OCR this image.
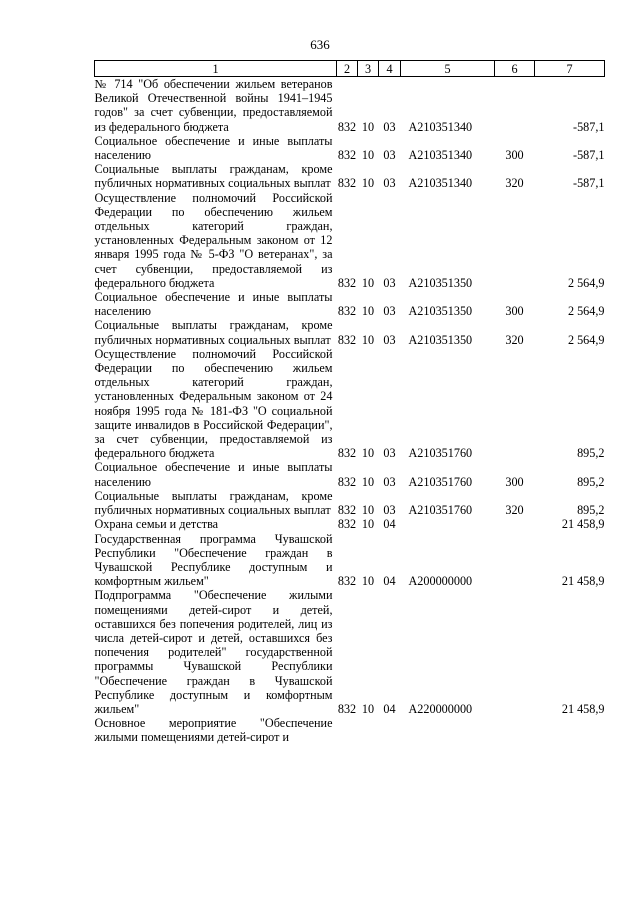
636
1	2	3	4	5	6	7
№ 714 "Об обеспечении жильем ветеранов Великой Отечественной войны 1941–1945 годов" за счет субвенции, предоставляемой из федерального бюджета	832	10	03	А210351340		-587,1
Социальное обеспечение и иные выплаты населению	832	10	03	А210351340	300	-587,1
Социальные выплаты гражданам, кроме публичных нормативных социальных выплат	832	10	03	А210351340	320	-587,1
Осуществление полномочий Российской Федерации по обеспечению жильем отдельных категорий граждан, установленных Федеральным законом от 12 января 1995 года № 5-ФЗ "О ветеранах", за счет субвенции, предоставляемой из федерального бюджета	832	10	03	А210351350		2 564,9
Социальное обеспечение и иные выплаты населению	832	10	03	А210351350	300	2 564,9
Социальные выплаты гражданам, кроме публичных нормативных социальных выплат	832	10	03	А210351350	320	2 564,9
Осуществление полномочий Российской Федерации по обеспечению жильем отдельных категорий граждан, установленных Федеральным законом от 24 ноября 1995 года № 181-ФЗ "О социальной защите инвалидов в Российской Федерации", за счет субвенции, предоставляемой из федерального бюджета	832	10	03	А210351760		895,2
Социальное обеспечение и иные выплаты населению	832	10	03	А210351760	300	895,2
Социальные выплаты гражданам, кроме публичных нормативных социальных выплат	832	10	03	А210351760	320	895,2
Охрана семьи и детства	832	10	04			21 458,9
Государственная программа Чувашской Республики "Обеспечение граждан в Чувашской Республике доступным и комфортным жильем"	832	10	04	А200000000		21 458,9
Подпрограмма "Обеспечение жилыми помещениями детей-сирот и детей, оставшихся без попечения родителей, лиц из числа детей-сирот и детей, оставшихся без попечения родителей" государственной программы Чувашской Республики "Обеспечение граждан в Чувашской Республике доступным и комфортным жильем"	832	10	04	А220000000		21 458,9
Основное мероприятие "Обеспечение жилыми помещениями детей-сирот и						
